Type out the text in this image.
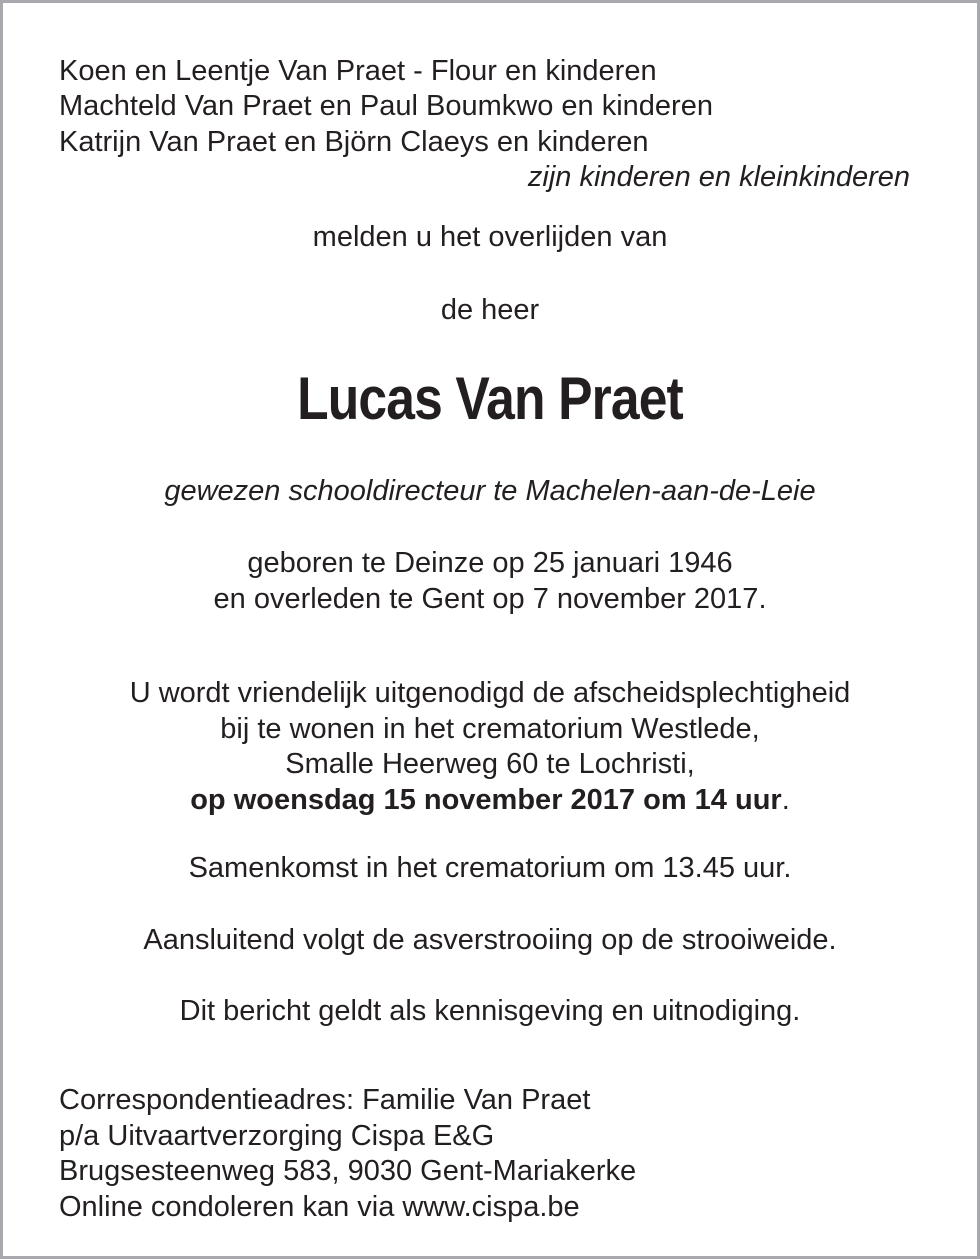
Koen en Leentje Van Praet - Flour en kinderen
Machteld Van Praet en Paul Boumkwo en kinderen
Katrijn Van Praet en Björn Claeys en kinderen
zijn kinderen en kleinkinderen
melden u het overlijden van
de heer
Lucas Van Praet
gewezen schooldirecteur te Machelen-aan-de-Leie
geboren te Deinze op 25 januari 1946
en overleden te Gent op 7 november 2017.
U wordt vriendelijk uitgenodigd de afscheidsplechtigheid
bij te wonen in het crematorium Westlede,
Smalle Heerweg 60 te Lochristi,
op woensdag 15 november 2017 om 14 uur.
Samenkomst in het crematorium om 13.45 uur.
Aansluitend volgt de asverstrooiing op de strooiweide.
Dit bericht geldt als kennisgeving en uitnodiging.
Correspondentieadres: Familie Van Praet
p/a Uitvaartverzorging Cispa E&G
Brugsesteenweg 583, 9030 Gent-Mariakerke
Online condoleren kan via www.cispa.be
